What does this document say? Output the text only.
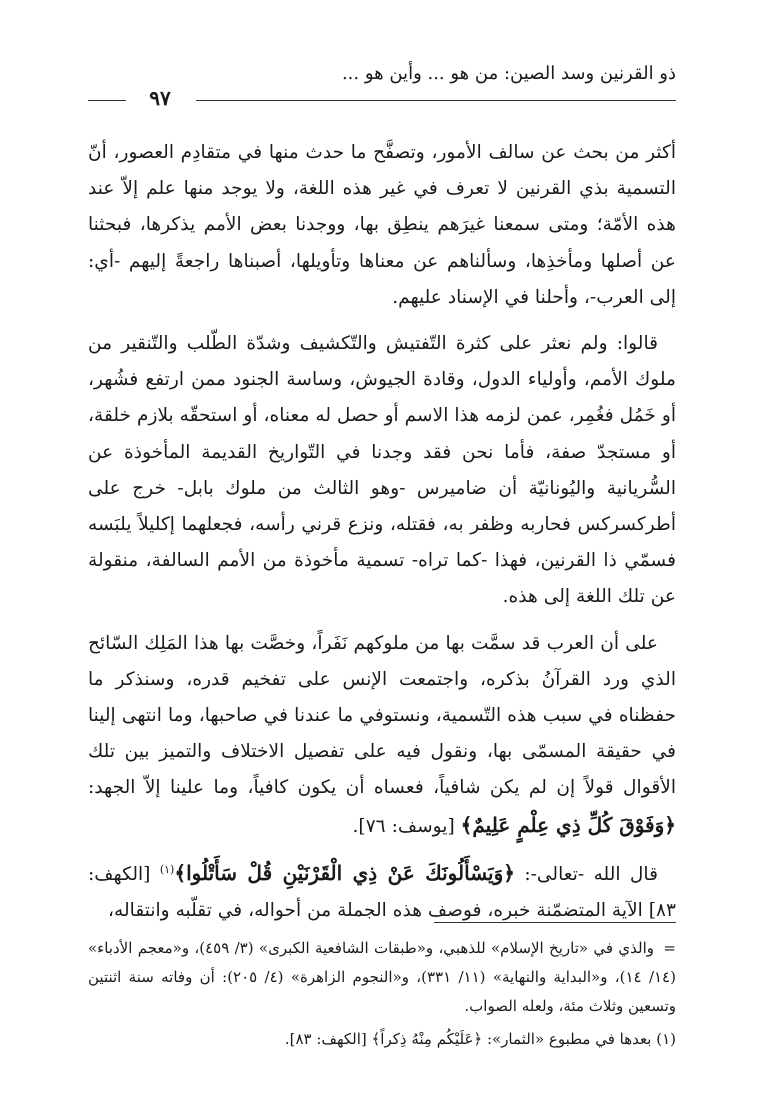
ذو القرنين وسد الصين: من هو ... وأين هو ...
٩٧

أكثر من بحث عن سالف الأمور، وتصفَّح ما حدث منها في متقادِم العصور، أنّ التسمية بذي القرنين لا تعرف في غير هذه اللغة، ولا يوجد منها علم إلاّ عند هذه الأمّة؛ ومتى سمعنا غيرَهم ينطِق بها، ووجدنا بعض الأمم يذكرها، فبحثنا عن أصلها ومأخذِها، وسألناهم عن معناها وتأويلها، أصبناها راجعةً إليهم -أي: إلى العرب-، وأحلنا في الإسناد عليهم.

قالوا: ولم نعثر على كثرة التّفتيش والتّكشيف وشدّة الطّلب والتّنقير من ملوك الأمم، وأولياء الدول، وقادة الجيوش، وساسة الجنود ممن ارتفع فشُهر، أو خَمُل فغُمِر، عمن لزمه هذا الاسم أو حصل له معناه، أو استحقّه بلازم خلقة، أو مستجدّ صفة، فأما نحن فقد وجدنا في التّواريخ القديمة المأخوذة عن السُّريانية واليُونانيّة أن ضاميرس -وهو الثالث من ملوك بابل- خرج على أطركسركس فحاربه وظفر به، فقتله، ونزع قرني رأسه، فجعلهما إكليلاً يلبَسه فسمّي ذا القرنين، فهذا -كما تراه- تسمية مأخوذة من الأمم السالفة، منقولة عن تلك اللغة إلى هذه.

على أن العرب قد سمَّت بها من ملوكهم نَفَراً، وخصَّت بها هذا المَلِك السّائح الذي ورد القرآنُ بذكره، واجتمعت الإنس على تفخيم قدره، وسنذكر ما حفظناه في سبب هذه التّسمية، ونستوفي ما عندنا في صاحبها، وما انتهى إلينا في حقيقة المسمّى بها، ونقول فيه على تفصيل الاختلاف والتميز بين تلك الأقوال قولاً إن لم يكن شافياً، فعساه أن يكون كافياً، وما علينا إلاّ الجهد: ﴿وَفَوْقَ كُلِّ ذِي عِلْمٍ عَلِيمٌ﴾ [يوسف: ٧٦].

قال الله -تعالى-: ﴿وَيَسْأَلُونَكَ عَنْ ذِي الْقَرْنَيْنِ قُلْ سَأَتْلُوا﴾$^{(١)}$ [الكهف: ٨٣] الآية المتضمّنة خبره، فوصف هذه الجملة من أحواله، في تقلّبه وانتقاله،

=والذي في «تاريخ الإسلام» للذهبي، و«طبقات الشافعية الكبرى» (٣/ ٤٥٩)، و«معجم الأدباء» (١٤/ ١٤)، و«البداية والنهاية» (١١/ ٣٣١)، و«النجوم الزاهرة» (٤/ ٢٠٥): أن وفاته سنة اثنتين وتسعين وثلاث مئة، ولعله الصواب.

(١) بعدها في مطبوع «الثمار»: ﴿عَلَيْكُم مِنْهُ ذِكراً﴾ [الكهف: ٨٣].
